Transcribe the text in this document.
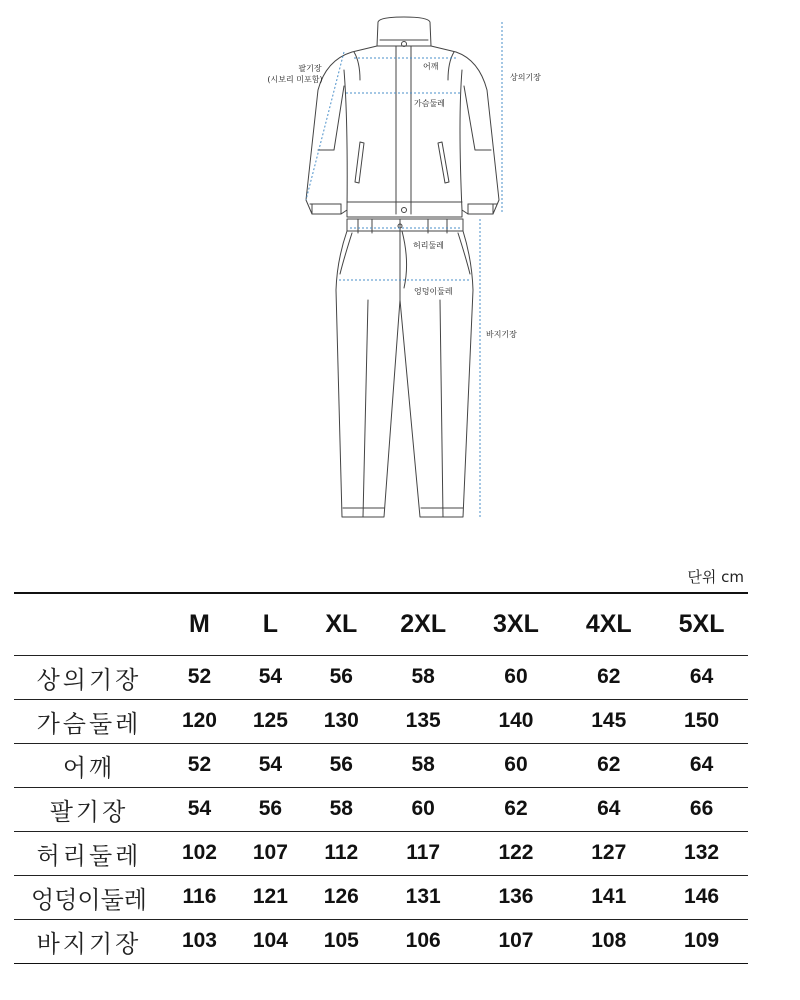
팔기장
(시보리 미포함)
어깨
가슴둘레
상의기장
허리둘레
엉덩이둘레
바지기장
단위 cm
	M	L	XL	2XL	3XL	4XL	5XL
상의기장	52	54	56	58	60	62	64
가슴둘레	120	125	130	135	140	145	150
어깨	52	54	56	58	60	62	64
팔기장	54	56	58	60	62	64	66
허리둘레	102	107	112	117	122	127	132
엉덩이둘레	116	121	126	131	136	141	146
바지기장	103	104	105	106	107	108	109
